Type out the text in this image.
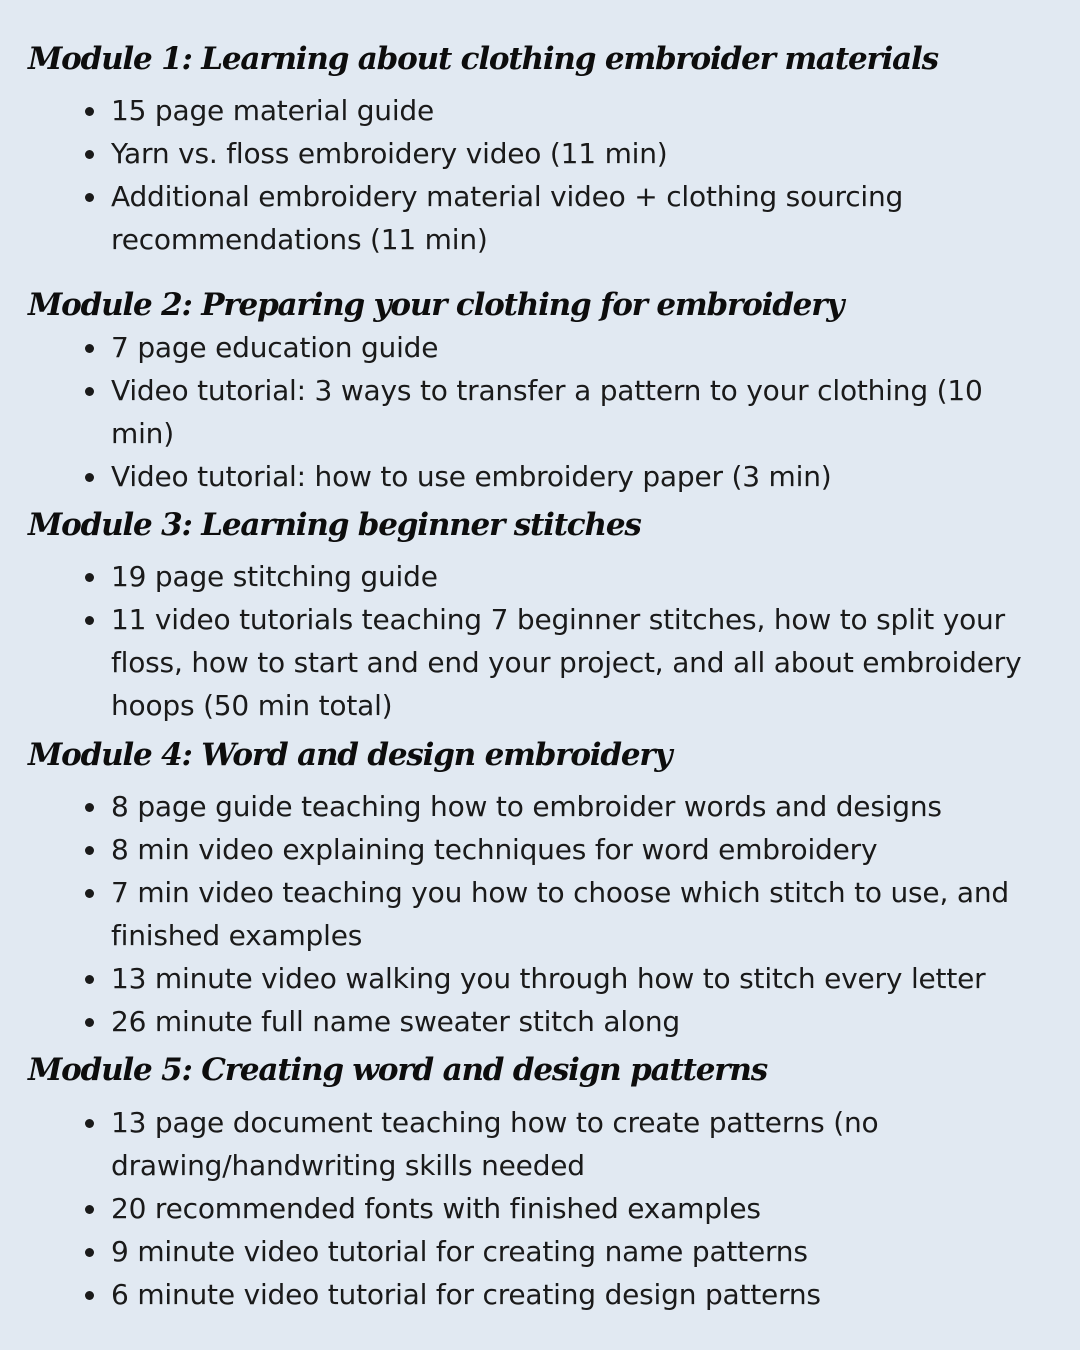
Module 1: Learning about clothing embroider materials
15 page material guide
Yarn vs. floss embroidery video (11 min)
Additional embroidery material video + clothing sourcing recommendations (11 min)
Module 2: Preparing your clothing for embroidery
7 page education guide
Video tutorial: 3 ways to transfer a pattern to your clothing (10 min)
Video tutorial: how to use embroidery paper (3 min)
Module 3: Learning beginner stitches
19 page stitching guide
11 video tutorials teaching 7 beginner stitches, how to split your floss, how to start and end your project, and all about embroidery hoops (50 min total)
Module 4: Word and design embroidery
8 page guide teaching how to embroider words and designs
8 min video explaining techniques for word embroidery
7 min video teaching you how to choose which stitch to use, and finished examples
13 minute video walking you through how to stitch every letter
26 minute full name sweater stitch along
Module 5: Creating word and design patterns
13 page document teaching how to create patterns (no drawing/handwriting skills needed
20 recommended fonts with finished examples
9 minute video tutorial for creating name patterns
6 minute video tutorial for creating design patterns
